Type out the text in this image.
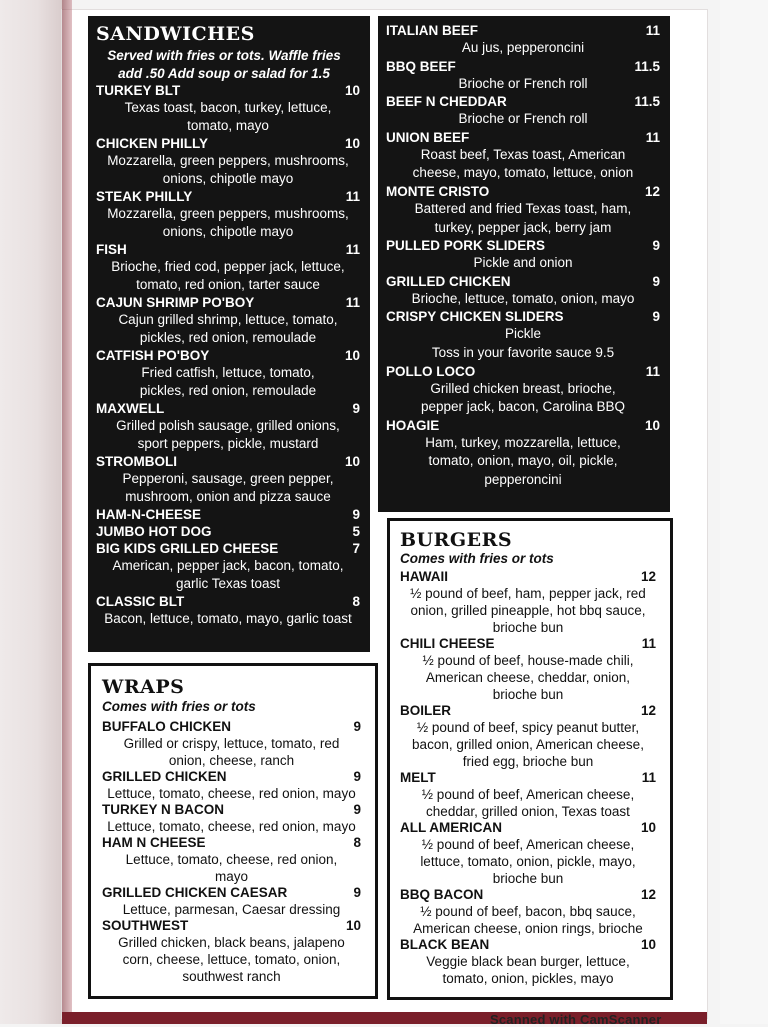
SANDWICHES
Served with fries or tots. Waffle fries
add .50 Add soup or salad for 1.5
TURKEY BLT	10
Texas toast, bacon, turkey, lettuce,
tomato, mayo
CHICKEN PHILLY	10
Mozzarella, green peppers, mushrooms,
onions, chipotle mayo
STEAK PHILLY	11
Mozzarella, green peppers, mushrooms,
onions, chipotle mayo
FISH	11
Brioche, fried cod, pepper jack, lettuce,
tomato, red onion, tarter sauce
CAJUN SHRIMP PO'BOY	11
Cajun grilled shrimp, lettuce, tomato,
pickles, red onion, remoulade
CATFISH PO'BOY	10
Fried catfish, lettuce, tomato,
pickles, red onion, remoulade
MAXWELL	9
Grilled polish sausage, grilled onions,
sport peppers, pickle, mustard
STROMBOLI	10
Pepperoni, sausage, green pepper,
mushroom, onion and pizza sauce
HAM-N-CHEESE	9
JUMBO HOT DOG	5
BIG KIDS GRILLED CHEESE	7
American, pepper jack, bacon, tomato,
garlic Texas toast
CLASSIC BLT	8
Bacon, lettuce, tomato, mayo, garlic toast
ITALIAN BEEF	11
Au jus, pepperoncini
BBQ BEEF	11.5
Brioche or French roll
BEEF N CHEDDAR	11.5
Brioche or French roll
UNION BEEF	11
Roast beef, Texas toast, American
cheese, mayo, tomato, lettuce, onion
MONTE CRISTO	12
Battered and fried Texas toast, ham,
turkey, pepper jack, berry jam
PULLED PORK SLIDERS	9
Pickle and onion
GRILLED CHICKEN	9
Brioche, lettuce, tomato, onion, mayo
CRISPY CHICKEN SLIDERS	9
Pickle
Toss in your favorite sauce 9.5
POLLO LOCO	11
Grilled chicken breast, brioche,
pepper jack, bacon, Carolina BBQ
HOAGIE	10
Ham, turkey, mozzarella, lettuce,
tomato, onion, mayo, oil, pickle,
pepperoncini
WRAPS
Comes with fries or tots
BUFFALO CHICKEN	9
Grilled or crispy, lettuce, tomato, red
onion, cheese, ranch
GRILLED CHICKEN	9
Lettuce, tomato, cheese, red onion, mayo
TURKEY N BACON	9
Lettuce, tomato, cheese, red onion, mayo
HAM N CHEESE	8
Lettuce, tomato, cheese, red onion,
mayo
GRILLED CHICKEN CAESAR	9
Lettuce, parmesan, Caesar dressing
SOUTHWEST	10
Grilled chicken, black beans, jalapeno
corn, cheese, lettuce, tomato, onion,
southwest ranch
BURGERS
Comes with fries or tots
HAWAII	12
½ pound of beef, ham, pepper jack, red
onion, grilled pineapple, hot bbq sauce,
brioche bun
CHILI CHEESE	11
½ pound of beef, house-made chili,
American cheese, cheddar, onion,
brioche bun
BOILER	12
½ pound of beef, spicy peanut butter,
bacon, grilled onion, American cheese,
fried egg, brioche bun
MELT	11
½ pound of beef, American cheese,
cheddar, grilled onion, Texas toast
ALL AMERICAN	10
½ pound of beef, American cheese,
lettuce, tomato, onion, pickle, mayo,
brioche bun
BBQ BACON	12
½ pound of beef, bacon, bbq sauce,
American cheese, onion rings, brioche
BLACK BEAN	10
Veggie black bean burger, lettuce,
tomato, onion, pickles, mayo
Scanned with CamScanner
